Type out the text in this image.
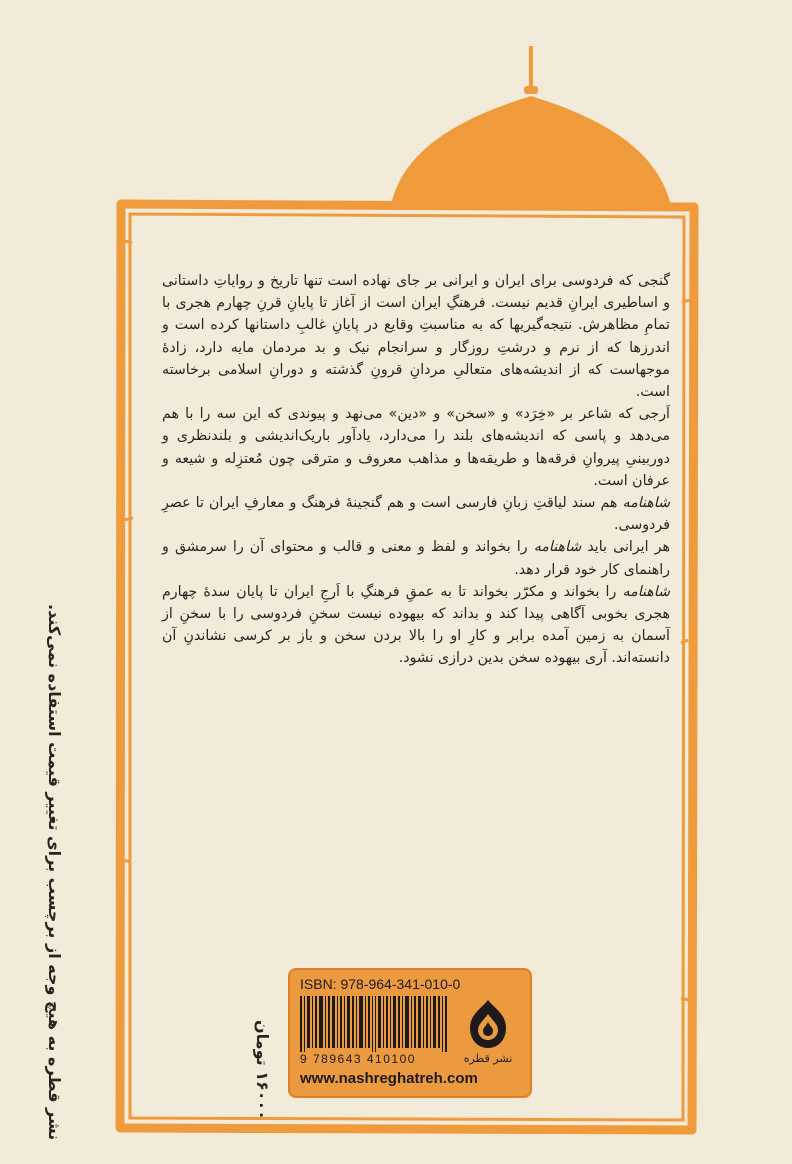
گنجی که فردوسی برای ایران و ایرانی بر جای نهاده است تنها تاریخ و روایاتِ داستانی و اساطیری ایرانِ قدیم نیست. فرهنگِ ایران است از آغاز تا پایانِ قرنِ چهارم هجری با تمامِ مظاهرش. نتیجه‌گیریها که به مناسبتِ وقایع در پایانِ غالبِ داستانها کرده است و اندرزها که از نرم و درشتِ روزگار و سرانجام نیک و بد مردمان مایه دارد، زادهٔ موجهاست که از اندیشه‌های متعالیِ مردانِ قرونِ گذشته و دورانِ اسلامی برخاسته است.

اَرجی که شاعر بر «خِرَد» و «سخن» و «دین» می‌نهد و پیوندی که این سه را با هم می‌دهد و پاسی که اندیشه‌های بلند را می‌دارد، یادآور باریک‌اندیشی و بلندنظری و دوربینیِ پیروانِ فرقه‌ها و طریقه‌ها و مذاهب معروف و مترقی چون مُعتزِله و شیعه و عرفان است.

شاهنامه هم سند لیاقتِ زبانِ فارسی است و هم گنجینهٔ فرهنگ و معارفِ ایران تا عصرِ فردوسی.

هر ایرانی باید شاهنامه را بخواند و لفظ و معنی و قالب و محتوای آن را سرمشق و راهنمای کار خود قرار دهد.

شاهنامه را بخواند و مکرّر بخواند تا به عمقِ فرهنگِ با اَرجِ ایران تا پایان سدهٔ چهارم هجری بخوبی آگاهی پیدا کند و بداند که بیهوده نیست سخنِ فردوسی را با سخنِ از آسمان به زمین آمده برابر و کارِ او را بالا بردن سخن و باز بر کرسی نشاندنِ آن دانسته‌اند. آری بیهوده سخن بدین درازی نشود.

نشر قطره به هیچ وجه از برچسب برای تغییر قیمت استفاده نمی‌کند.	۱۶۰۰۰ تومان
ISBN: 978-964-341-010-0
9 789643 410100
www.nashreghatreh.com
نشر قطره
